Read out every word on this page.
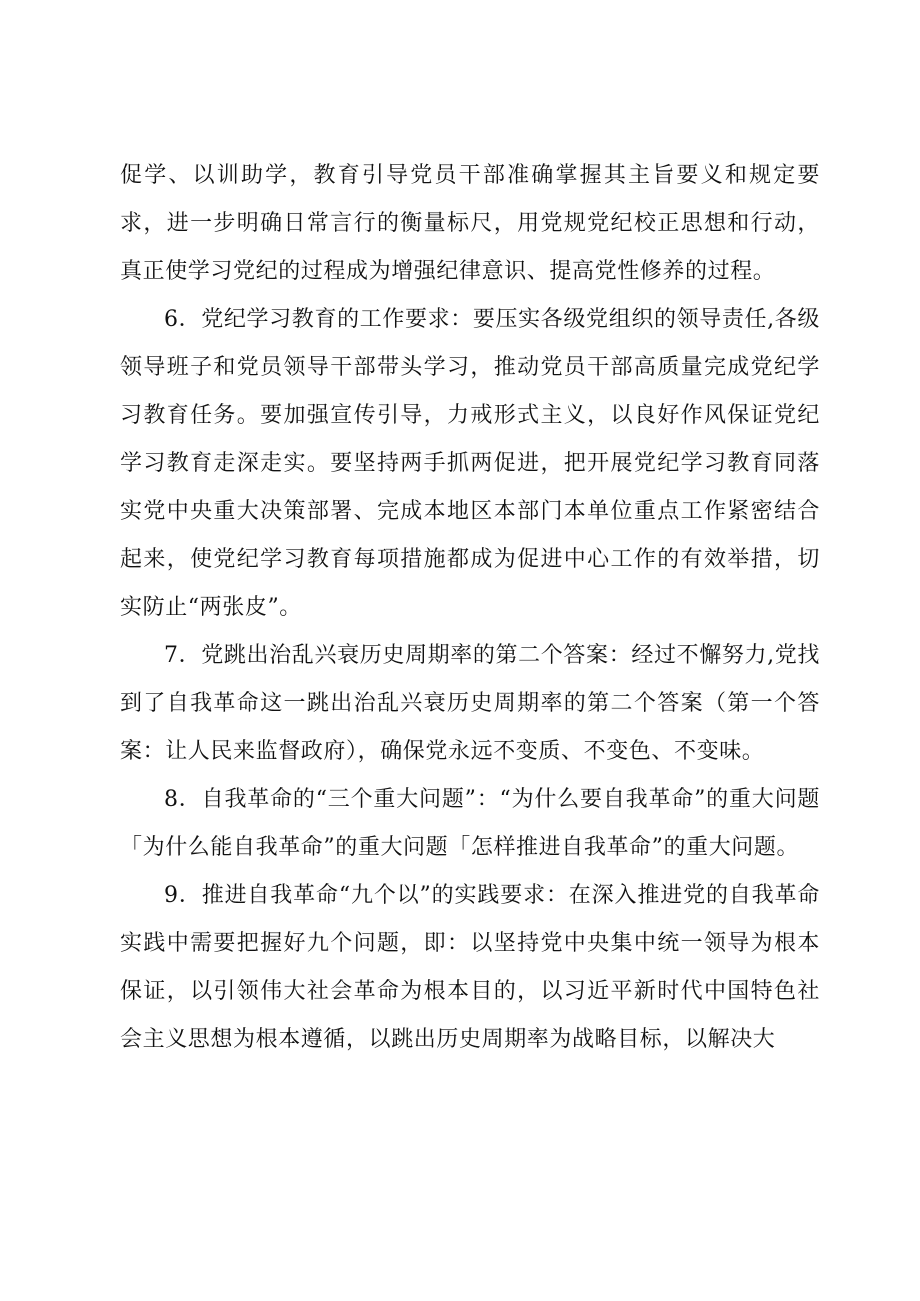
促学、以训助学，教育引导党员干部准确掌握其主旨要义和规定要求，进一步明确日常言行的衡量标尺，用党规党纪校正思想和行动，真正使学习党纪的过程成为增强纪律意识、提高党性修养的过程。

6．党纪学习教育的工作要求：要压实各级党组织的领导责任,各级领导班子和党员领导干部带头学习，推动党员干部高质量完成党纪学习教育任务。要加强宣传引导，力戒形式主义，以良好作风保证党纪学习教育走深走实。要坚持两手抓两促进，把开展党纪学习教育同落实党中央重大决策部署、完成本地区本部门本单位重点工作紧密结合起来，使党纪学习教育每项措施都成为促进中心工作的有效举措，切实防止“两张皮”。

7．党跳出治乱兴衰历史周期率的第二个答案：经过不懈努力,党找到了自我革命这一跳出治乱兴衰历史周期率的第二个答案（第一个答案：让人民来监督政府），确保党永远不变质、不变色、不变味。

8．自我革命的“三个重大问题”：“为什么要自我革命”的重大问题「为什么能自我革命”的重大问题「怎样推进自我革命”的重大问题。

9．推进自我革命“九个以”的实践要求：在深入推进党的自我革命实践中需要把握好九个问题，即：以坚持党中央集中统一领导为根本保证，以引领伟大社会革命为根本目的，以习近平新时代中国特色社会主义思想为根本遵循，以跳出历史周期率为战略目标，以解决大
